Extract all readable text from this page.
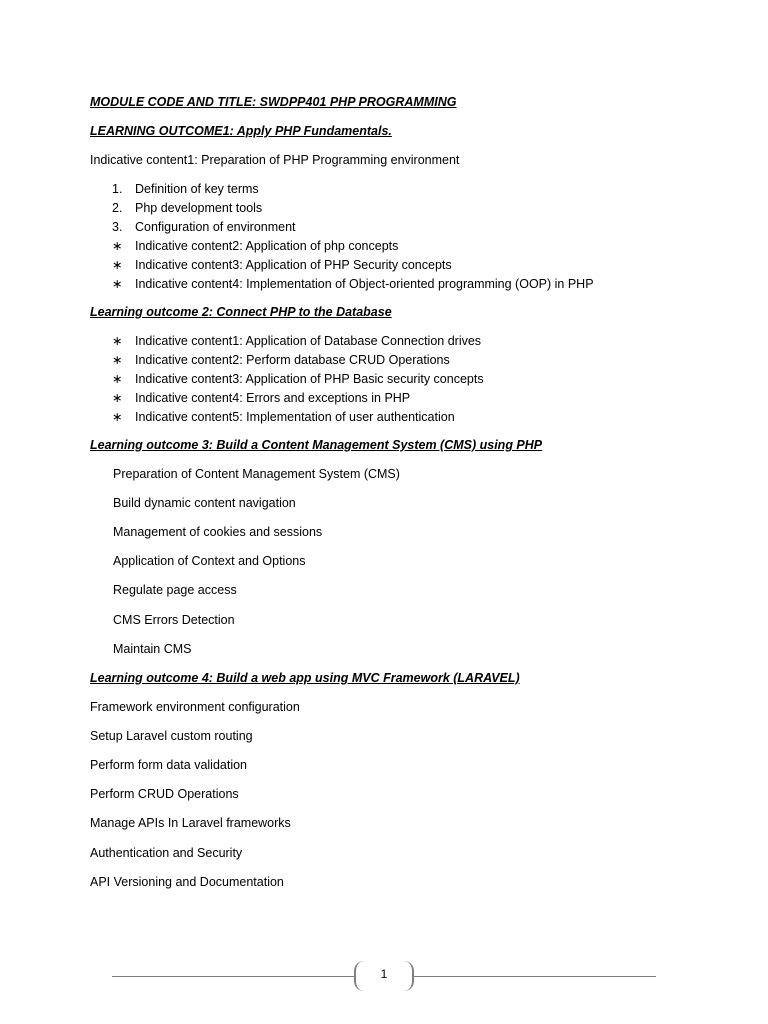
MODULE CODE AND TITLE: SWDPP401 PHP PROGRAMMING
LEARNING OUTCOME1: Apply PHP Fundamentals.
Indicative content1: Preparation of PHP Programming environment
1. Definition of key terms
2. Php development tools
3. Configuration of environment
∗ Indicative content2: Application of php concepts
∗ Indicative content3: Application of PHP Security concepts
∗ Indicative content4: Implementation of Object-oriented programming (OOP) in PHP
Learning outcome 2: Connect PHP to the Database
∗ Indicative content1: Application of Database Connection drives
∗ Indicative content2: Perform database CRUD Operations
∗ Indicative content3: Application of PHP Basic security concepts
∗ Indicative content4: Errors and exceptions in PHP
∗ Indicative content5: Implementation of user authentication
Learning outcome 3: Build a Content Management System (CMS) using PHP
Preparation of Content Management System (CMS)
Build dynamic content navigation
Management of cookies and sessions
Application of Context and Options
Regulate page access
CMS Errors Detection
Maintain CMS
Learning outcome 4: Build a web app using MVC Framework (LARAVEL)
Framework environment configuration
Setup Laravel custom routing
Perform form data validation
Perform CRUD Operations
Manage APIs In Laravel frameworks
Authentication and Security
API Versioning and Documentation
1
